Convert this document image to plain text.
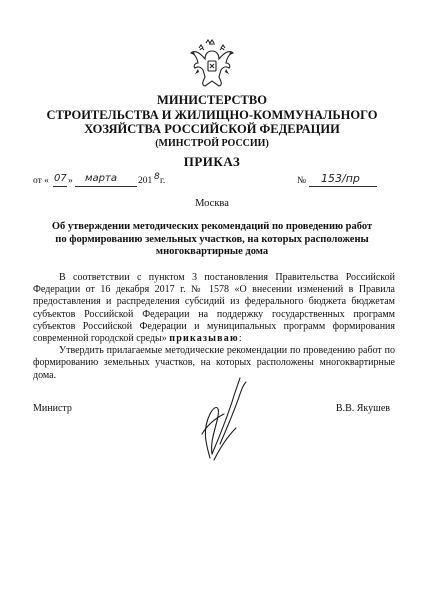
МИНИСТЕРСТВО
СТРОИТЕЛЬСТВА И ЖИЛИЩНО-КОММУНАЛЬНОГО
ХОЗЯЙСТВА РОССИЙСКОЙ ФЕДЕРАЦИИ
(МИНСТРОЙ РОССИИ)
ПРИКАЗ
от « 07 » марта 201 8 г.	№ 153/пр
Москва
Об утверждении методических рекомендаций по проведению работ
по формированию земельных участков, на которых расположены
многоквартирные дома

В соответствии с пунктом 3 постановления Правительства Российской Федерации от 16 декабря 2017 г. № 1578 «О внесении изменений в Правила предоставления и распределения субсидий из федерального бюджета бюджетам субъектов Российской Федерации на поддержку государственных программ субъектов Российской Федерации и муниципальных программ формирования современной городской среды» приказываю:

Утвердить прилагаемые методические рекомендации по проведению работ по формированию земельных участков, на которых расположены многоквартирные дома.

Министр	В.В. Якушев
